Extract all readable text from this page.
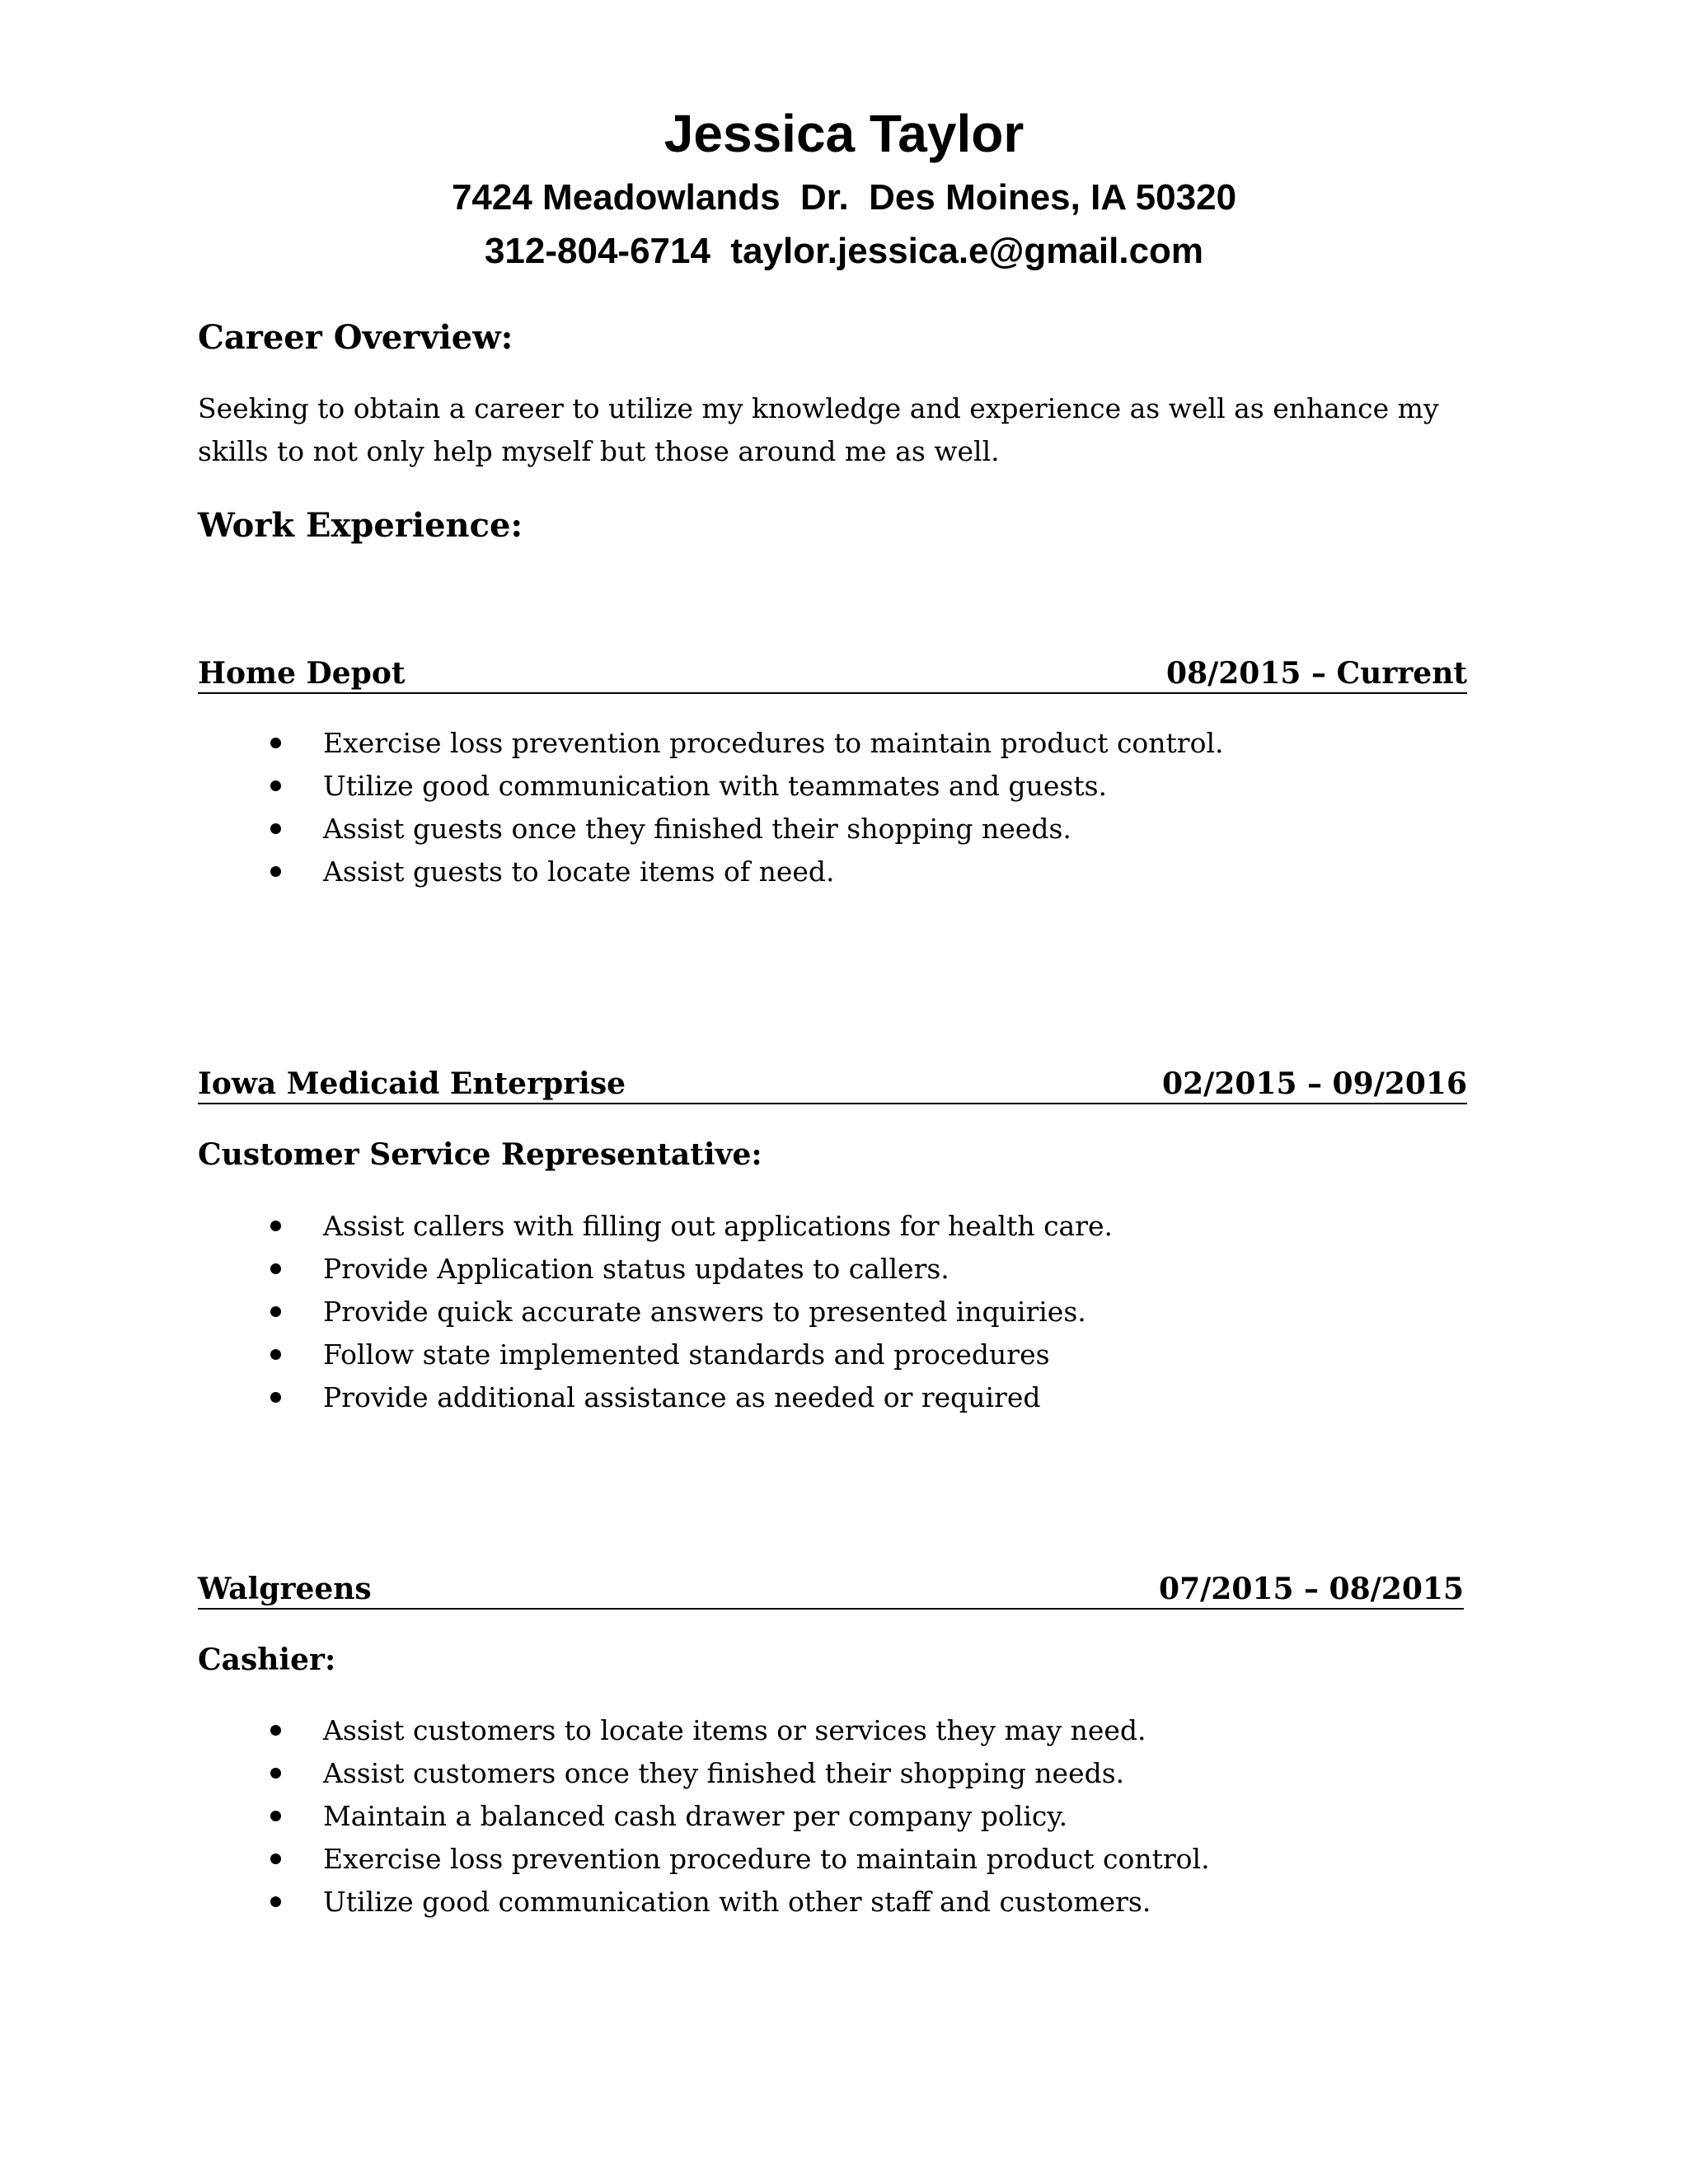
Jessica Taylor
7424 Meadowlands  Dr.  Des Moines, IA 50320
312-804-6714  taylor.jessica.e@gmail.com
Career Overview:
Seeking to obtain a career to utilize my knowledge and experience as well as enhance my skills to not only help myself but those around me as well.
Work Experience:
Home Depot	08/2015 – Current
Exercise loss prevention procedures to maintain product control.
Utilize good communication with teammates and guests.
Assist guests once they finished their shopping needs.
Assist guests to locate items of need.
Iowa Medicaid Enterprise	02/2015 – 09/2016
Customer Service Representative:
Assist callers with filling out applications for health care.
Provide Application status updates to callers.
Provide quick accurate answers to presented inquiries.
Follow state implemented standards and procedures
Provide additional assistance as needed or required
Walgreens	07/2015 – 08/2015
Cashier:
Assist customers to locate items or services they may need.
Assist customers once they finished their shopping needs.
Maintain a balanced cash drawer per company policy.
Exercise loss prevention procedure to maintain product control.
Utilize good communication with other staff and customers.
